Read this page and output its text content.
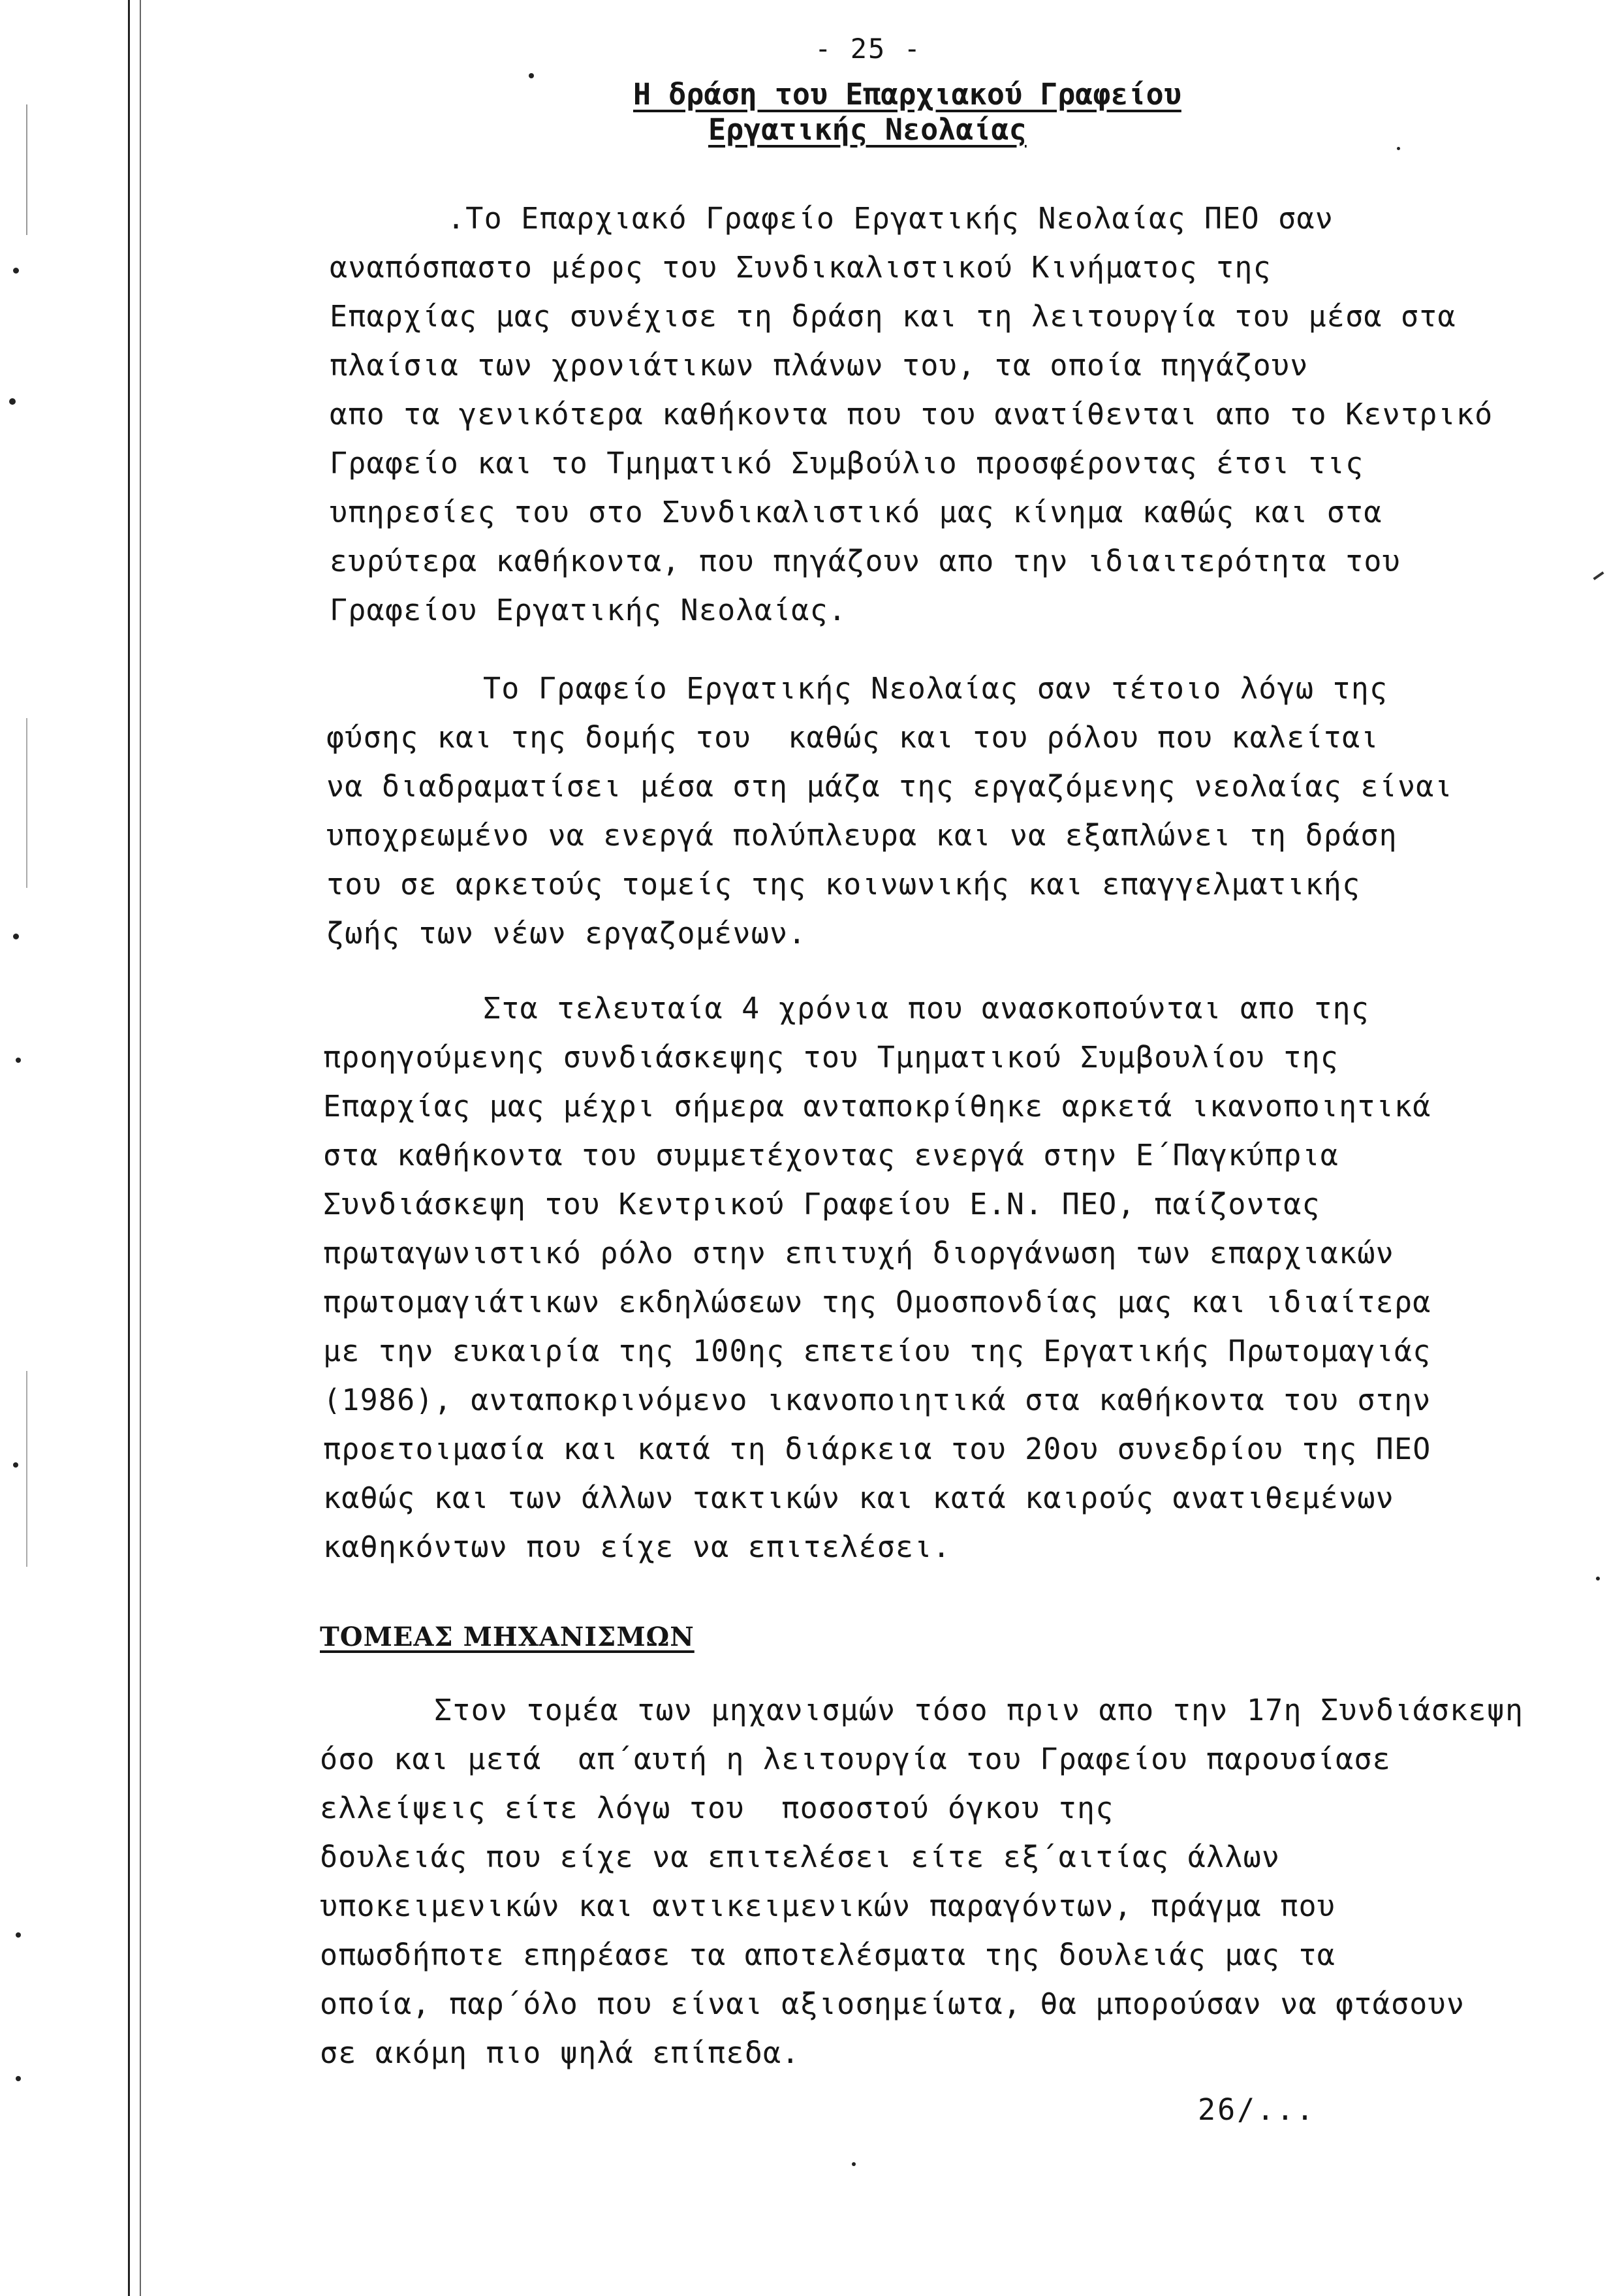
- 25 -
Η δράση του Επαρχιακού Γραφείου
Εργατικής Νεολαίας
.Το Επαρχιακό Γραφείο Εργατικής Νεολαίας ΠΕΟ σαν
αναπόσπαστο μέρος του Συνδικαλιστικού Κινήματος της
Επαρχίας μας συνέχισε τη δράση και τη λειτουργία του μέσα στα
πλαίσια των χρονιάτικων πλάνων του, τα οποία πηγάζουν
απο τα γενικότερα καθήκοντα που του ανατίθενται απο το Κεντρικό
Γραφείο και το Τμηματικό Συμβούλιο προσφέροντας έτσι τις
υπηρεσίες του στο Συνδικαλιστικό μας κίνημα καθώς και στα
ευρύτερα καθήκοντα, που πηγάζουν απο την ιδιαιτερότητα του
Γραφείου Εργατικής Νεολαίας.
Το Γραφείο Εργατικής Νεολαίας σαν τέτοιο λόγω της
φύσης και της δομής του  καθώς και του ρόλου που καλείται
να διαδραματίσει μέσα στη μάζα της εργαζόμενης νεολαίας είναι
υποχρεωμένο να ενεργά πολύπλευρα και να εξαπλώνει τη δράση
του σε αρκετούς τομείς της κοινωνικής και επαγγελματικής
ζωής των νέων εργαζομένων.
Στα τελευταία 4 χρόνια που ανασκοπούνται απο της
προηγούμενης συνδιάσκεψης του Τμηματικού Συμβουλίου της
Επαρχίας μας μέχρι σήμερα ανταποκρίθηκε αρκετά ικανοποιητικά
στα καθήκοντα του συμμετέχοντας ενεργά στην Ε΄Παγκύπρια
Συνδιάσκεψη του Κεντρικού Γραφείου Ε.Ν. ΠΕΟ, παίζοντας
πρωταγωνιστικό ρόλο στην επιτυχή διοργάνωση των επαρχιακών
πρωτομαγιάτικων εκδηλώσεων της Ομοσπονδίας μας και ιδιαίτερα
με την ευκαιρία της 100ης επετείου της Εργατικής Πρωτομαγιάς
(1986), ανταποκρινόμενο ικανοποιητικά στα καθήκοντα του στην
προετοιμασία και κατά τη διάρκεια του 20ου συνεδρίου της ΠΕΟ
καθώς και των άλλων τακτικών και κατά καιρούς ανατιθεμένων
καθηκόντων που είχε να επιτελέσει.
ΤΟΜΕΑΣ ΜΗΧΑΝΙΣΜΩΝ
Στον τομέα των μηχανισμών τόσο πριν απο την 17η Συνδιάσκεψη
όσο και μετά  απ΄αυτή η λειτουργία του Γραφείου παρουσίασε
ελλείψεις είτε λόγω του  ποσοστού όγκου της
δουλειάς που είχε να επιτελέσει είτε εξ΄αιτίας άλλων
υποκειμενικών και αντικειμενικών παραγόντων, πράγμα που
οπωσδήποτε επηρέασε τα αποτελέσματα της δουλειάς μας τα
οποία, παρ΄όλο που είναι αξιοσημείωτα, θα μπορούσαν να φτάσουν
σε ακόμη πιο ψηλά επίπεδα.
26/...
